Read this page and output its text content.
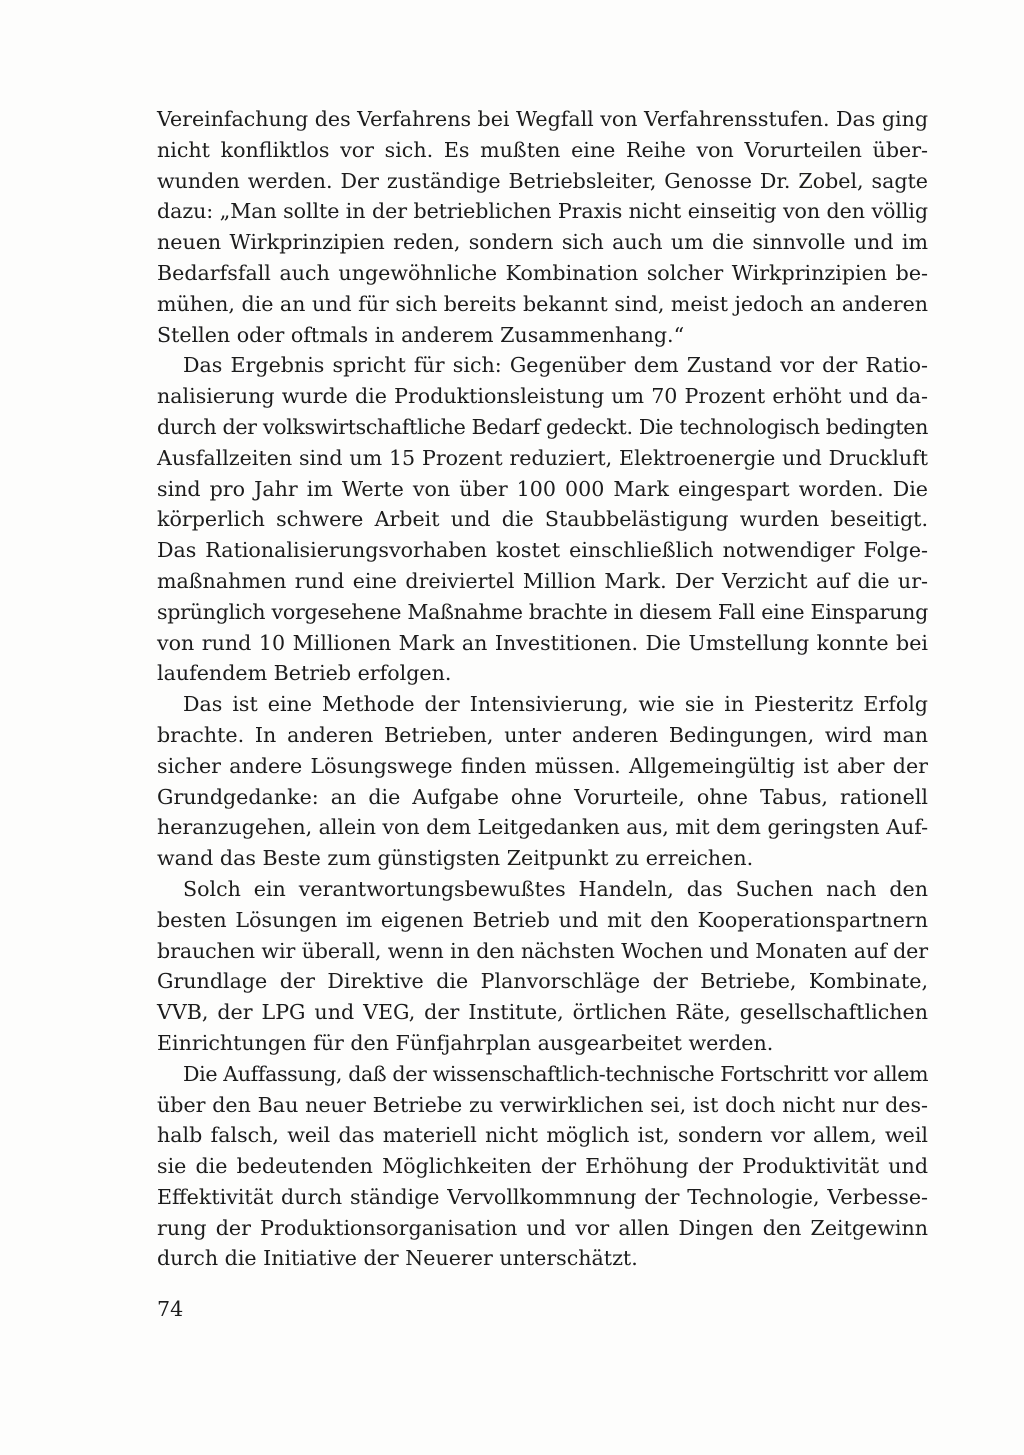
Vereinfachung des Verfahrens bei Wegfall von Verfahrensstufen. Das ging
nicht konfliktlos vor sich. Es mußten eine Reihe von Vorurteilen über-
wunden werden. Der zuständige Betriebsleiter, Genosse Dr. Zobel, sagte
dazu: „Man sollte in der betrieblichen Praxis nicht einseitig von den völlig
neuen Wirkprinzipien reden, sondern sich auch um die sinnvolle und im
Bedarfsfall auch ungewöhnliche Kombination solcher Wirkprinzipien be-
mühen, die an und für sich bereits bekannt sind, meist jedoch an anderen
Stellen oder oftmals in anderem Zusammenhang.“
Das Ergebnis spricht für sich: Gegenüber dem Zustand vor der Ratio-
nalisierung wurde die Produktionsleistung um 70 Prozent erhöht und da-
durch der volkswirtschaftliche Bedarf gedeckt. Die technologisch bedingten
Ausfallzeiten sind um 15 Prozent reduziert, Elektroenergie und Druckluft
sind pro Jahr im Werte von über 100 000 Mark eingespart worden. Die
körperlich schwere Arbeit und die Staubbelästigung wurden beseitigt.
Das Rationalisierungsvorhaben kostet einschließlich notwendiger Folge-
maßnahmen rund eine dreiviertel Million Mark. Der Verzicht auf die ur-
sprünglich vorgesehene Maßnahme brachte in diesem Fall eine Einsparung
von rund 10 Millionen Mark an Investitionen. Die Umstellung konnte bei
laufendem Betrieb erfolgen.
Das ist eine Methode der Intensivierung, wie sie in Piesteritz Erfolg
brachte. In anderen Betrieben, unter anderen Bedingungen, wird man
sicher andere Lösungswege finden müssen. Allgemeingültig ist aber der
Grundgedanke: an die Aufgabe ohne Vorurteile, ohne Tabus, rationell
heranzugehen, allein von dem Leitgedanken aus, mit dem geringsten Auf-
wand das Beste zum günstigsten Zeitpunkt zu erreichen.
Solch ein verantwortungsbewußtes Handeln, das Suchen nach den
besten Lösungen im eigenen Betrieb und mit den Kooperationspartnern
brauchen wir überall, wenn in den nächsten Wochen und Monaten auf der
Grundlage der Direktive die Planvorschläge der Betriebe, Kombinate,
VVB, der LPG und VEG, der Institute, örtlichen Räte, gesellschaftlichen
Einrichtungen für den Fünfjahrplan ausgearbeitet werden.
Die Auffassung, daß der wissenschaftlich-technische Fortschritt vor allem
über den Bau neuer Betriebe zu verwirklichen sei, ist doch nicht nur des-
halb falsch, weil das materiell nicht möglich ist, sondern vor allem, weil
sie die bedeutenden Möglichkeiten der Erhöhung der Produktivität und
Effektivität durch ständige Vervollkommnung der Technologie, Verbesse-
rung der Produktionsorganisation und vor allen Dingen den Zeitgewinn
durch die Initiative der Neuerer unterschätzt.
74
